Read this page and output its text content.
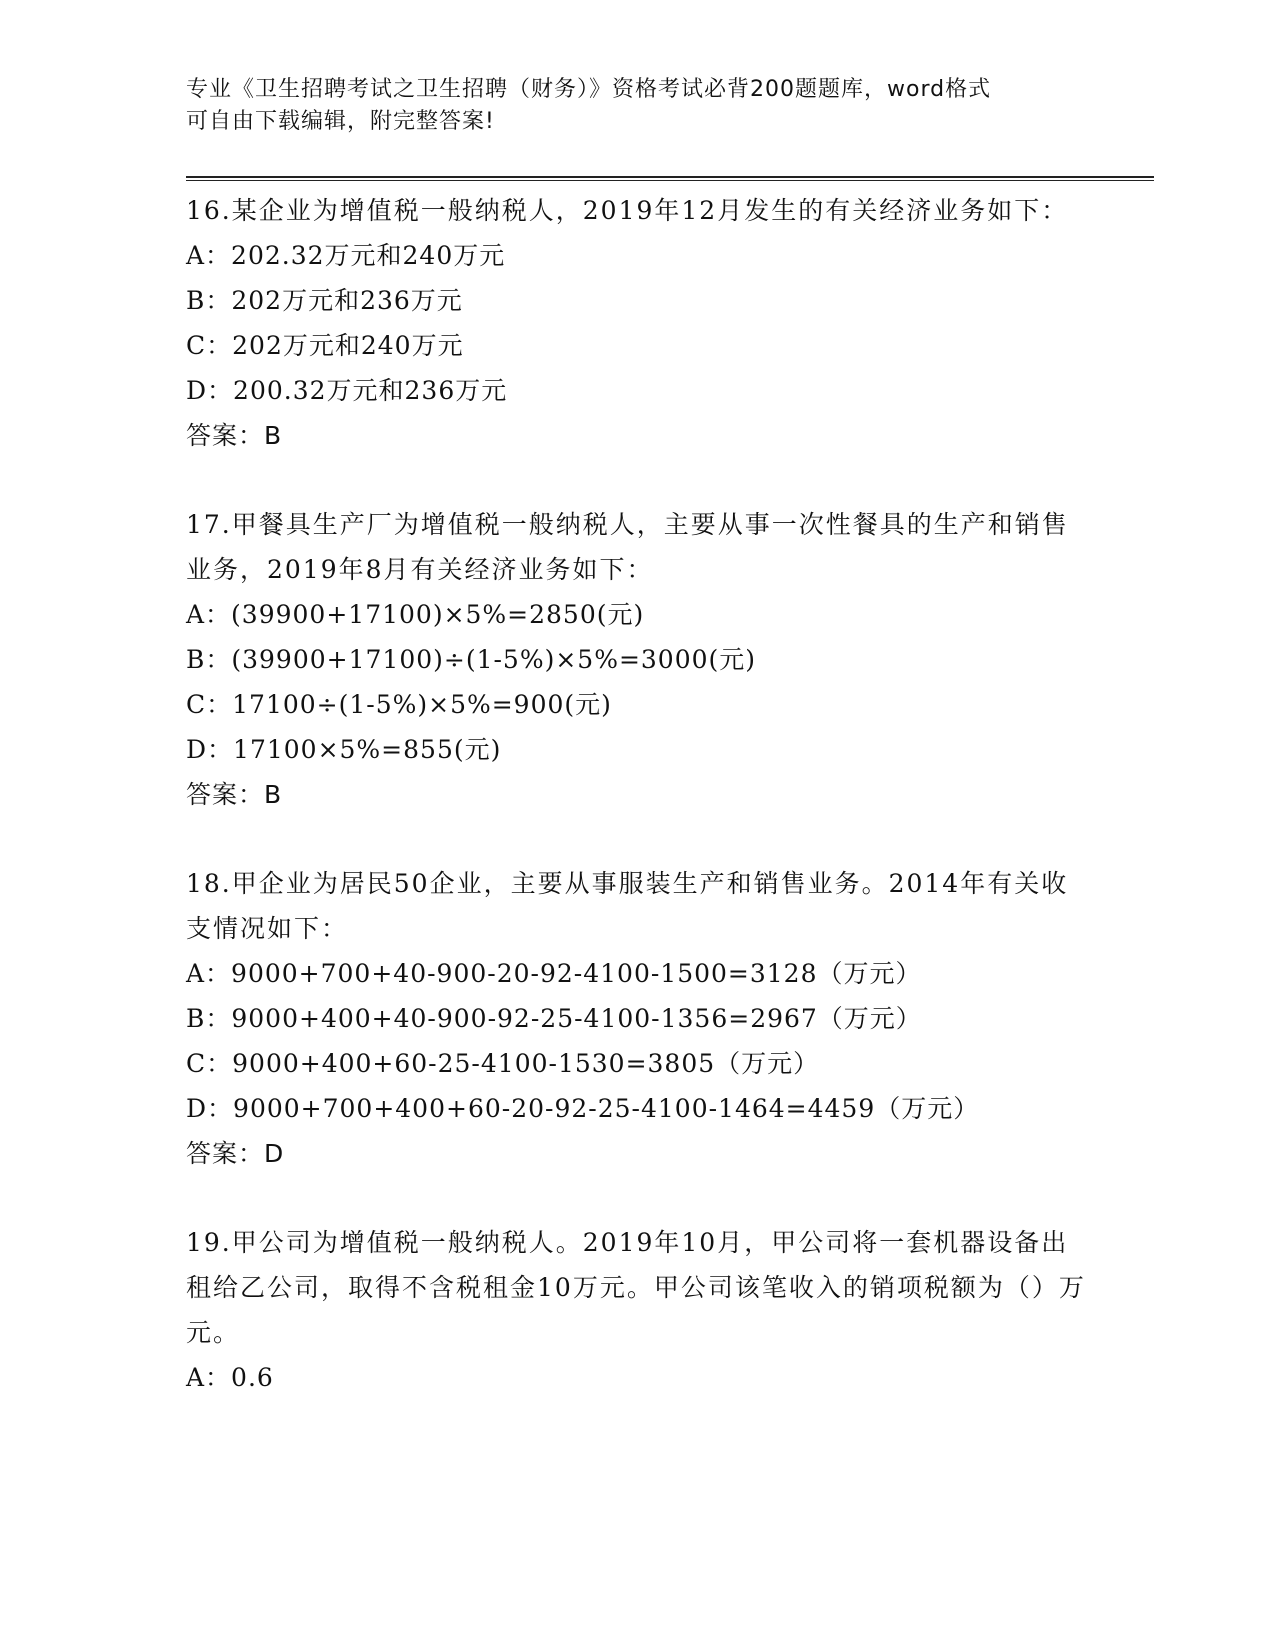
专业《卫生招聘考试之卫生招聘（财务）》资格考试必背200题题库，word格式
可自由下载编辑，附完整答案!
16.某企业为增值税一般纳税人，2019年12月发生的有关经济业务如下：
A：202.32万元和240万元
B：202万元和236万元
C：202万元和240万元
D：200.32万元和236万元
答案：B
17.甲餐具生产厂为增值税一般纳税人，主要从事一次性餐具的生产和销售业务，2019年8月有关经济业务如下：
A：(39900+17100)×5%=2850(元)
B：(39900+17100)÷(1-5%)×5%=3000(元)
C：17100÷(1-5%)×5%=900(元)
D：17100×5%=855(元)
答案：B
18.甲企业为居民50企业，主要从事服装生产和销售业务。2014年有关收支情况如下：
A：9000+700+40-900-20-92-4100-1500=3128（万元）
B：9000+400+40-900-92-25-4100-1356=2967（万元）
C：9000+400+60-25-4100-1530=3805（万元）
D：9000+700+400+60-20-92-25-4100-1464=4459（万元）
答案：D
19.甲公司为增值税一般纳税人。2019年10月，甲公司将一套机器设备出租给乙公司，取得不含税租金10万元。甲公司该笔收入的销项税额为（）万元。
A：0.6
